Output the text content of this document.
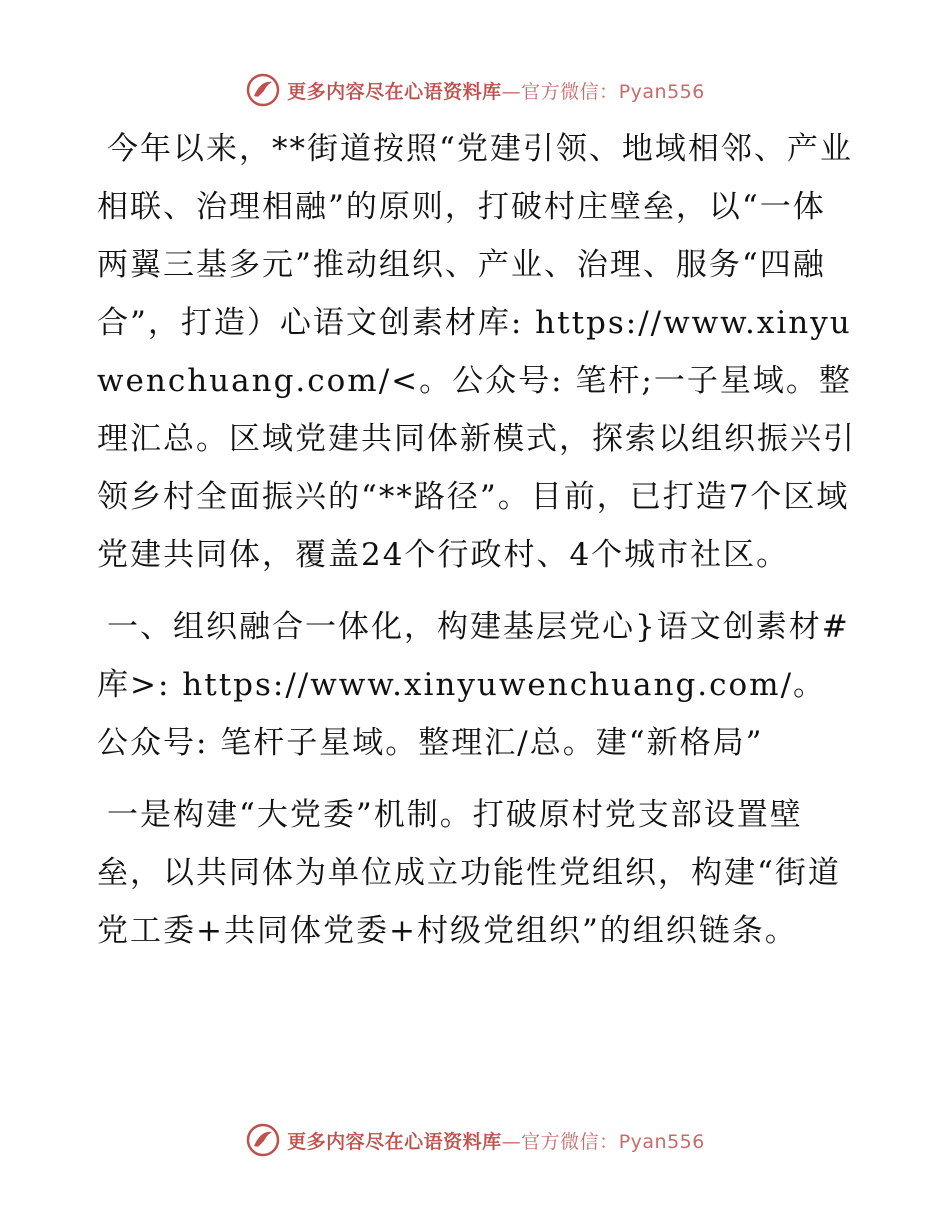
更多内容尽在心语资料库—官方微信：Pyan556

今年以来，**街道按照“党建引领、地域相邻、产业相联、治理相融”的原则，打破村庄壁垒，以“一体两翼三基多元”推动组织、产业、治理、服务“四融合”，打造）心语文创素材库: https://www.xinyuwenchuang.com/<。公众号: 笔杆;一子星域。整理汇总。区域党建共同体新模式，探索以组织振兴引领乡村全面振兴的“**路径”。目前，已打造7个区域党建共同体，覆盖24个行政村、4个城市社区。

一、组织融合一体化，构建基层党心}语文创素材#库>: https://www.xinyuwenchuang.com/。公众号: 笔杆子星域。整理汇/总。建“新格局”

一是构建“大党委”机制。打破原村党支部设置壁垒，以共同体为单位成立功能性党组织，构建“街道党工委+共同体党委+村级党组织”的组织链条。

更多内容尽在心语资料库—官方微信：Pyan556
